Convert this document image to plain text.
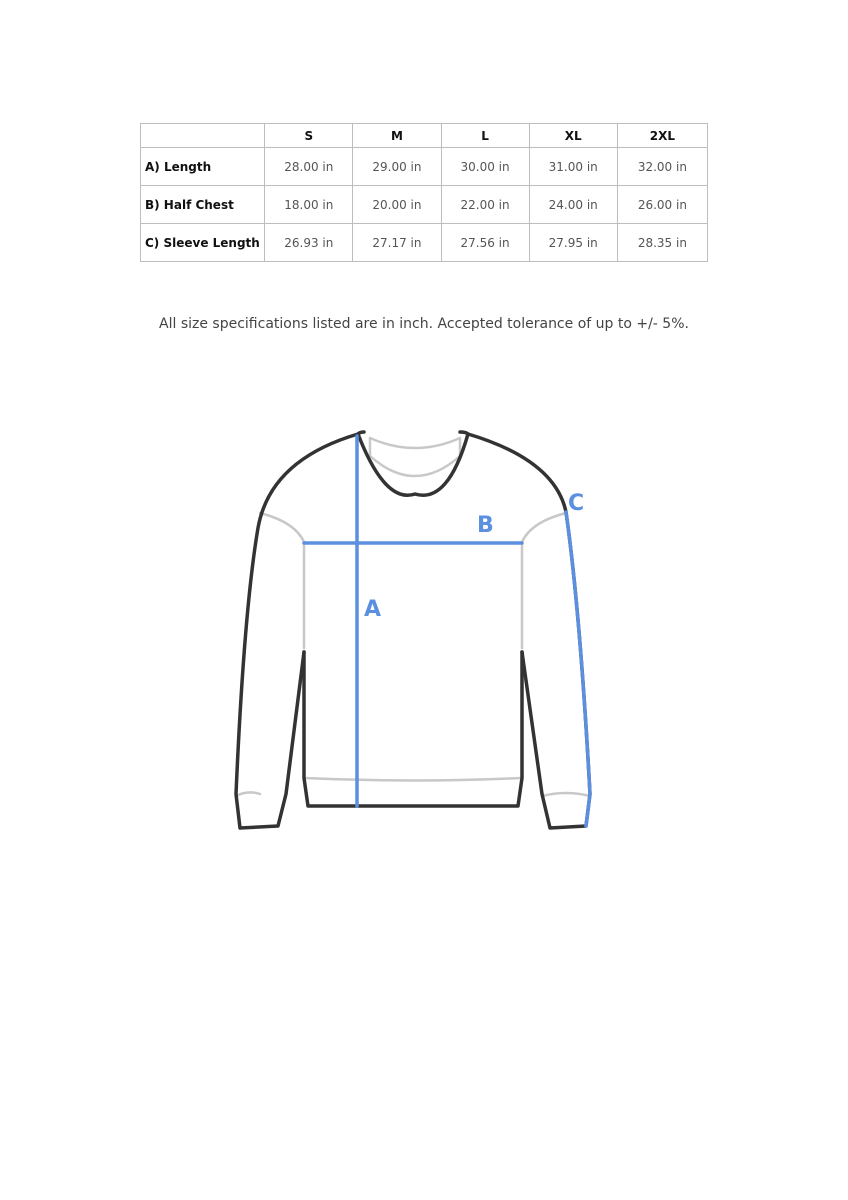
	S	M	L	XL	2XL
A) Length	28.00 in	29.00 in	30.00 in	31.00 in	32.00 in
B) Half Chest	18.00 in	20.00 in	22.00 in	24.00 in	26.00 in
C) Sleeve Length	26.93 in	27.17 in	27.56 in	27.95 in	28.35 in

All size specifications listed are in inch. Accepted tolerance of up to +/- 5%.

A
B
C
